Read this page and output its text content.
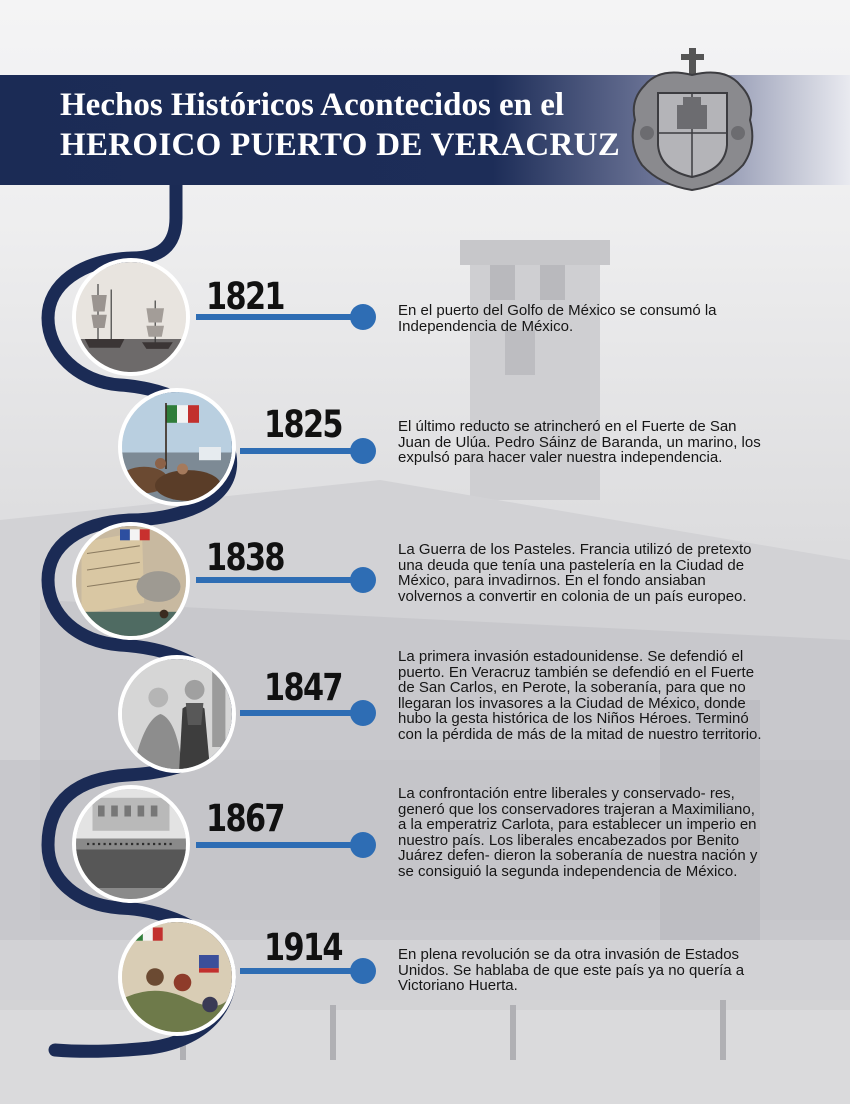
Hechos Históricos Acontecidos en el
HEROICO PUERTO DE VERACRUZ
1821
1825
1838
1847
1867
1914

En el puerto del Golfo de México se consumó la Independencia de México.

El último reducto se atrincheró en el Fuerte de San Juan de Ulúa. Pedro Sáinz de Baranda, un marino, los expulsó para hacer valer nuestra independencia.

La Guerra de los Pasteles. Francia utilizó de pretexto una deuda que tenía una pastelería en la Ciudad de México, para invadirnos. En el fondo ansiaban volvernos a convertir en colonia de un país europeo.

La primera invasión estadounidense. Se defendió el puerto. En Veracruz también se defendió en el Fuerte de San Carlos, en Perote, la soberanía, para que no llegaran los invasores a la Ciudad de México, donde hubo la gesta histórica de los Niños Héroes. Terminó con la pérdida de más de la mitad de nuestro territorio.

La confrontación entre liberales y conservado- res, generó que los conservadores trajeran a Maximiliano, a la emperatriz Carlota, para establecer un imperio en nuestro país. Los liberales encabezados por Benito Juárez defen- dieron la soberanía de nuestra nación y se consiguió la segunda independencia de México.

En plena revolución se da otra invasión de Estados Unidos. Se hablaba de que este país ya no quería a Victoriano Huerta.
